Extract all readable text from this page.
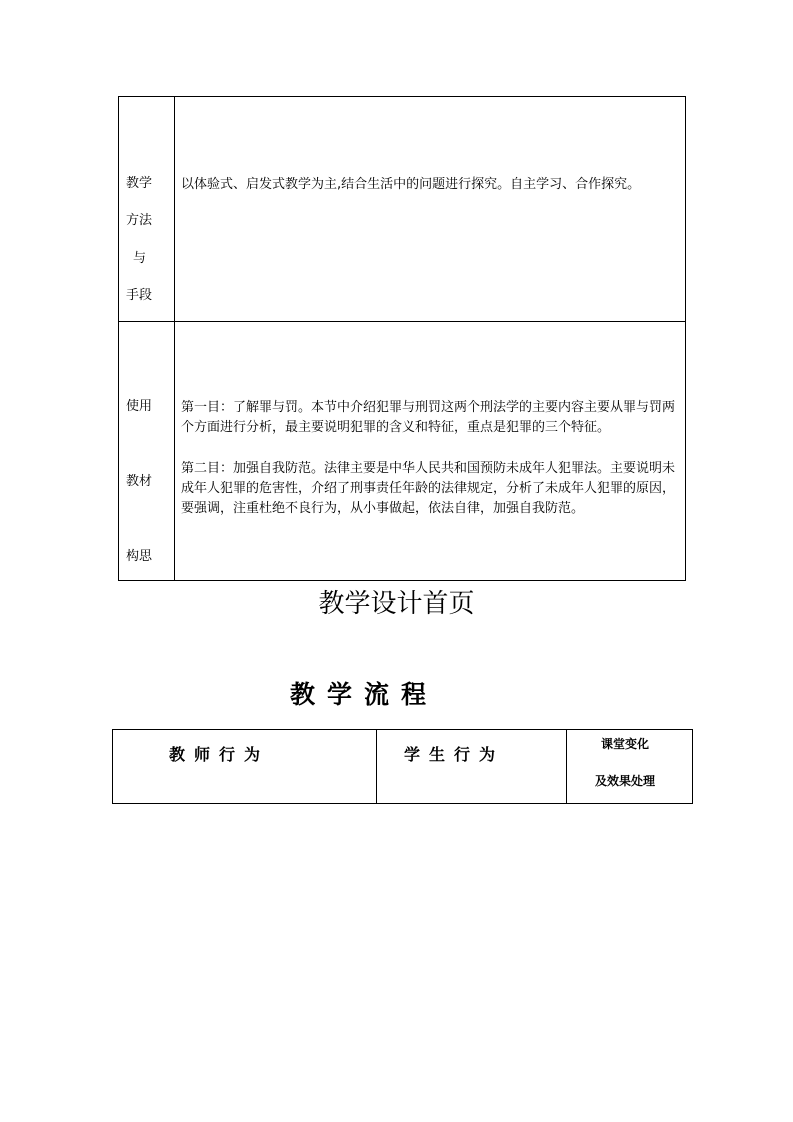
教学
方法
与
手段
以体验式、启发式教学为主,结合生活中的问题进行探究。自主学习、合作探究。
使用
教材
构思
第一目：了解罪与罚。本节中介绍犯罪与刑罚这两个刑法学的主要内容主要从罪与罚两个方面进行分析，最主要说明犯罪的含义和特征，重点是犯罪的三个特征。
第二目：加强自我防范。法律主要是中华人民共和国预防未成年人犯罪法。主要说明未成年人犯罪的危害性，介绍了刑事责任年龄的法律规定，分析了未成年人犯罪的原因，要强调，注重杜绝不良行为，从小事做起，依法自律，加强自我防范。
教学设计首页
教学流程
教师行为	学生行为
课堂变化
及效果处理
